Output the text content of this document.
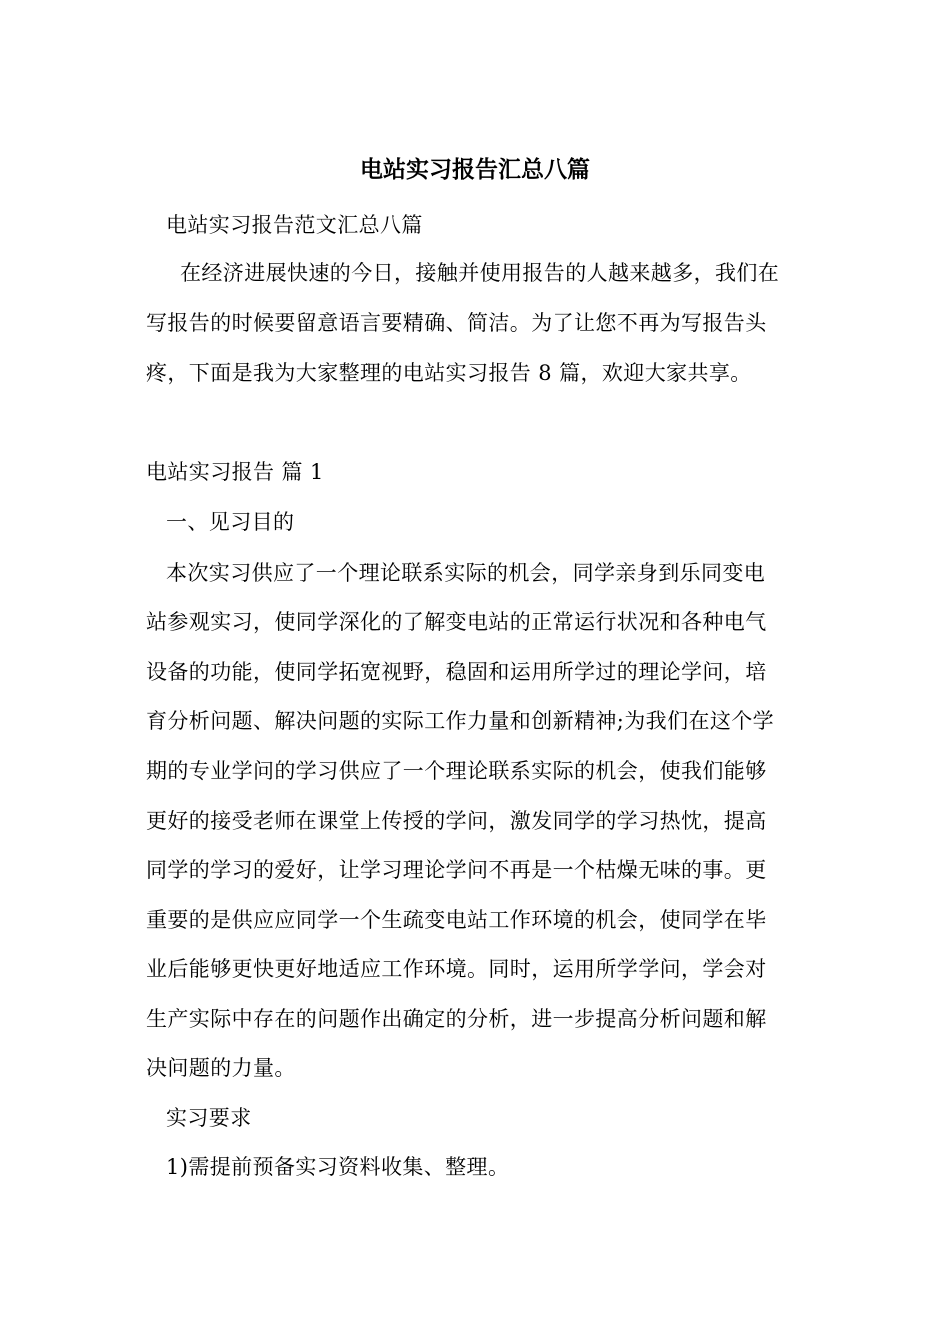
电站实习报告汇总八篇
电站实习报告范文汇总八篇
在经济进展快速的今日，接触并使用报告的人越来越多，我们在
写报告的时候要留意语言要精确、简洁。为了让您不再为写报告头
疼，下面是我为大家整理的电站实习报告 8 篇，欢迎大家共享。
电站实习报告 篇 1
一、见习目的
本次实习供应了一个理论联系实际的机会，同学亲身到乐同变电
站参观实习，使同学深化的了解变电站的正常运行状况和各种电气
设备的功能，使同学拓宽视野，稳固和运用所学过的理论学问，培
育分析问题、解决问题的实际工作力量和创新精神;为我们在这个学
期的专业学问的学习供应了一个理论联系实际的机会，使我们能够
更好的接受老师在课堂上传授的学问，激发同学的学习热忱，提高
同学的学习的爱好，让学习理论学问不再是一个枯燥无味的事。更
重要的是供应应同学一个生疏变电站工作环境的机会，使同学在毕
业后能够更快更好地适应工作环境。同时，运用所学学问，学会对
生产实际中存在的问题作出确定的分析，进一步提高分析问题和解
决问题的力量。
实习要求
1)需提前预备实习资料收集、整理。
